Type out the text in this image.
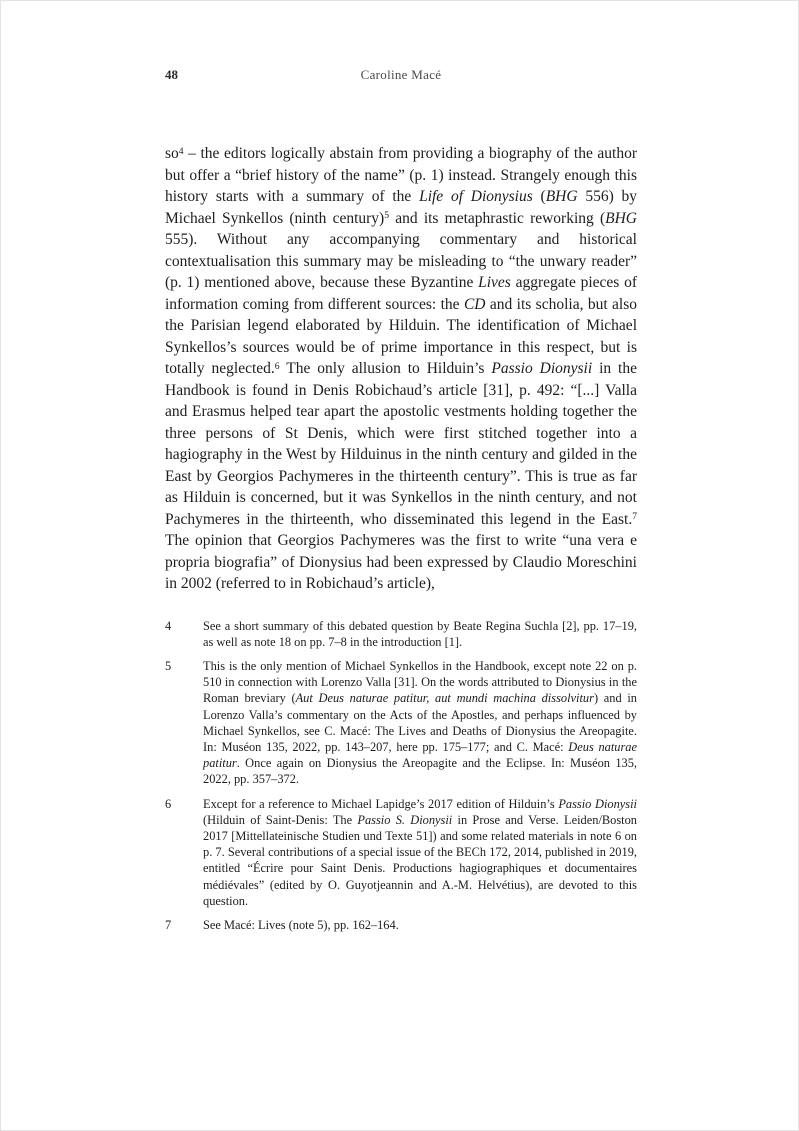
48	Caroline Macé
$so^4$ – the editors logically abstain from providing a biography of the author but offer a “brief history of the name” (p. 1) instead. Strangely enough this history starts with a summary of the Life of Dionysius (BHG 556) by Michael Synkellos (ninth century)$^5$ and its metaphrastic reworking (BHG 555). Without any accompanying commentary and historical contextualisation this summary may be misleading to “the unwary reader” (p. 1) mentioned above, because these Byzantine Lives aggregate pieces of information coming from different sources: the CD and its scholia, but also the Parisian legend elaborated by Hilduin. The identification of Michael Synkellos’s sources would be of prime importance in this respect, but is totally neglected.$^6$ The only allusion to Hilduin’s Passio Dionysii in the Handbook is found in Denis Robichaud’s article [31], p. 492: “[...] Valla and Erasmus helped tear apart the apostolic vestments holding together the three persons of St Denis, which were first stitched together into a hagiography in the West by Hilduinus in the ninth century and gilded in the East by Georgios Pachymeres in the thirteenth century”. This is true as far as Hilduin is concerned, but it was Synkellos in the ninth century, and not Pachymeres in the thirteenth, who disseminated this legend in the East.$^7$ The opinion that Georgios Pachymeres was the first to write “una vera e propria biografia” of Dionysius had been expressed by Claudio Moreschini in 2002 (referred to in Robichaud’s article),
4	See a short summary of this debated question by Beate Regina Suchla [2], pp. 17–19, as well as note 18 on pp. 7–8 in the introduction [1].
5	This is the only mention of Michael Synkellos in the Handbook, except note 22 on p. 510 in connection with Lorenzo Valla [31]. On the words attributed to Dionysius in the Roman breviary (Aut Deus naturae patitur, aut mundi machina dissolvitur) and in Lorenzo Valla’s commentary on the Acts of the Apostles, and perhaps influenced by Michael Synkellos, see C. Macé: The Lives and Deaths of Dionysius the Areopagite. In: Muséon 135, 2022, pp. 143–207, here pp. 175–177; and C. Macé: Deus naturae patitur. Once again on Dionysius the Areopagite and the Eclipse. In: Muséon 135, 2022, pp. 357–372.
6	Except for a reference to Michael Lapidge’s 2017 edition of Hilduin’s Passio Dionysii (Hilduin of Saint-Denis: The Passio S. Dionysii in Prose and Verse. Leiden/Boston 2017 [Mittellateinische Studien und Texte 51]) and some related materials in note 6 on p. 7. Several contributions of a special issue of the BECh 172, 2014, published in 2019, entitled “Écrire pour Saint Denis. Productions hagiographiques et documentaires médiévales” (edited by O. Guyotjeannin and A.-M. Helvétius), are devoted to this question.
7	See Macé: Lives (note 5), pp. 162–164.
